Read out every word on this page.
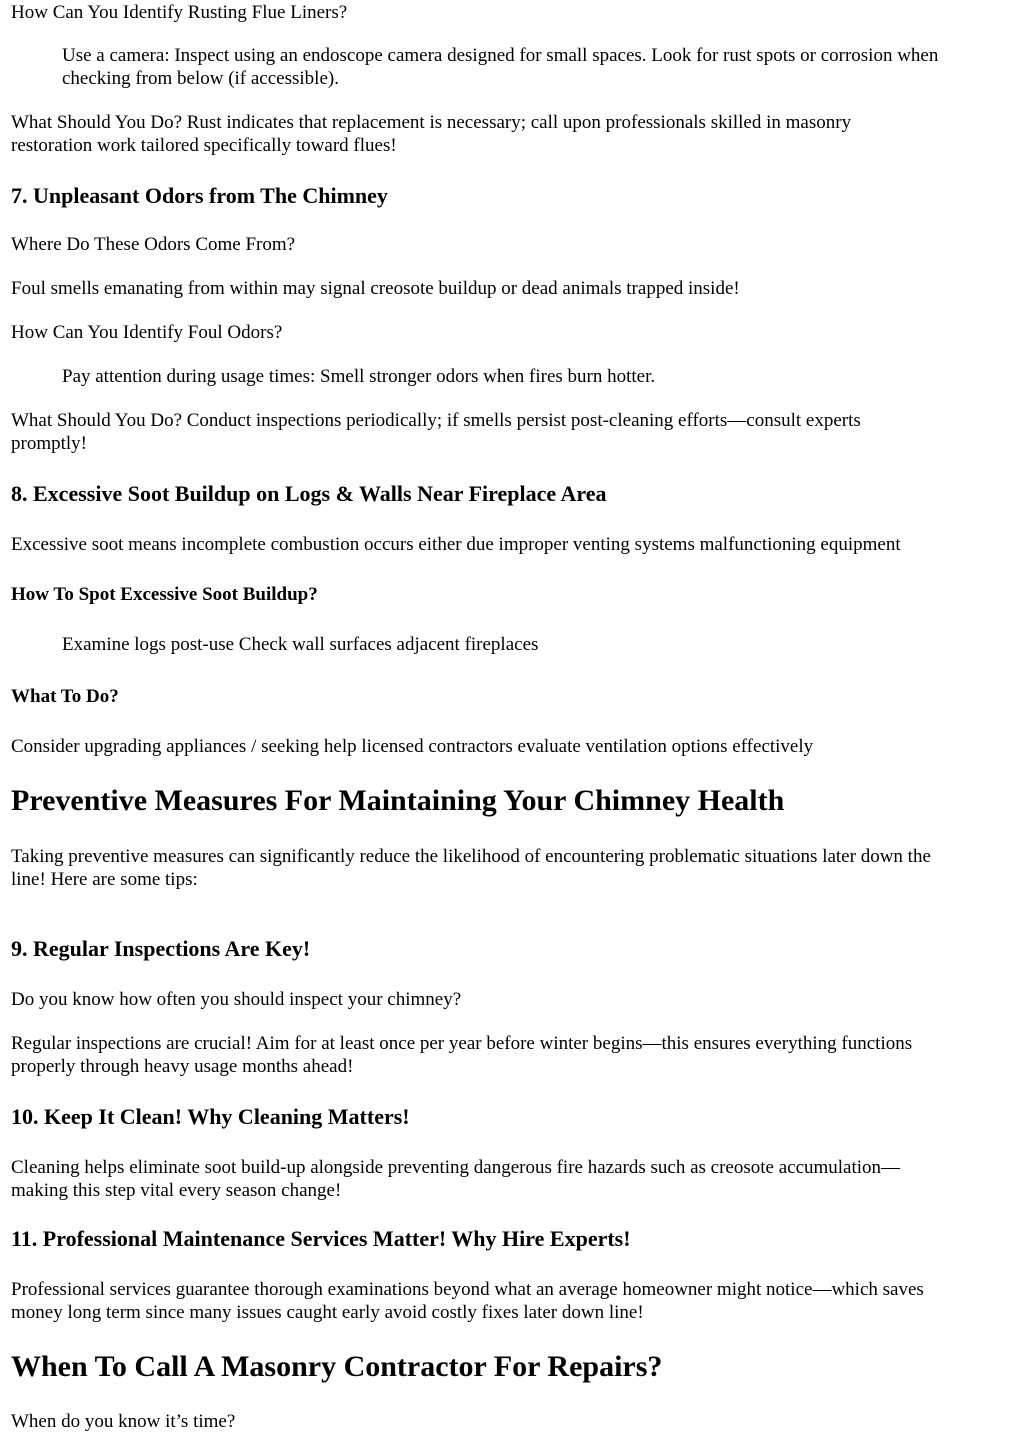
How Can You Identify Rusting Flue Liners?
Use a camera: Inspect using an endoscope camera designed for small spaces. Look for rust spots or corrosion when
checking from below (if accessible).
What Should You Do? Rust indicates that replacement is necessary; call upon professionals skilled in masonry
restoration work tailored specifically toward flues!
7. Unpleasant Odors from The Chimney
Where Do These Odors Come From?
Foul smells emanating from within may signal creosote buildup or dead animals trapped inside!
How Can You Identify Foul Odors?
Pay attention during usage times: Smell stronger odors when fires burn hotter.
What Should You Do? Conduct inspections periodically; if smells persist post-cleaning efforts—consult experts
promptly!
8. Excessive Soot Buildup on Logs & Walls Near Fireplace Area
Excessive soot means incomplete combustion occurs either due improper venting systems malfunctioning equipment
How To Spot Excessive Soot Buildup?
Examine logs post-use Check wall surfaces adjacent fireplaces
What To Do?
Consider upgrading appliances / seeking help licensed contractors evaluate ventilation options effectively
Preventive Measures For Maintaining Your Chimney Health
Taking preventive measures can significantly reduce the likelihood of encountering problematic situations later down the
line! Here are some tips:
9. Regular Inspections Are Key!
Do you know how often you should inspect your chimney?
Regular inspections are crucial! Aim for at least once per year before winter begins—this ensures everything functions
properly through heavy usage months ahead!
10. Keep It Clean! Why Cleaning Matters!
Cleaning helps eliminate soot build-up alongside preventing dangerous fire hazards such as creosote accumulation—
making this step vital every season change!
11. Professional Maintenance Services Matter! Why Hire Experts!
Professional services guarantee thorough examinations beyond what an average homeowner might notice—which saves
money long term since many issues caught early avoid costly fixes later down line!
When To Call A Masonry Contractor For Repairs?
When do you know it’s time?
